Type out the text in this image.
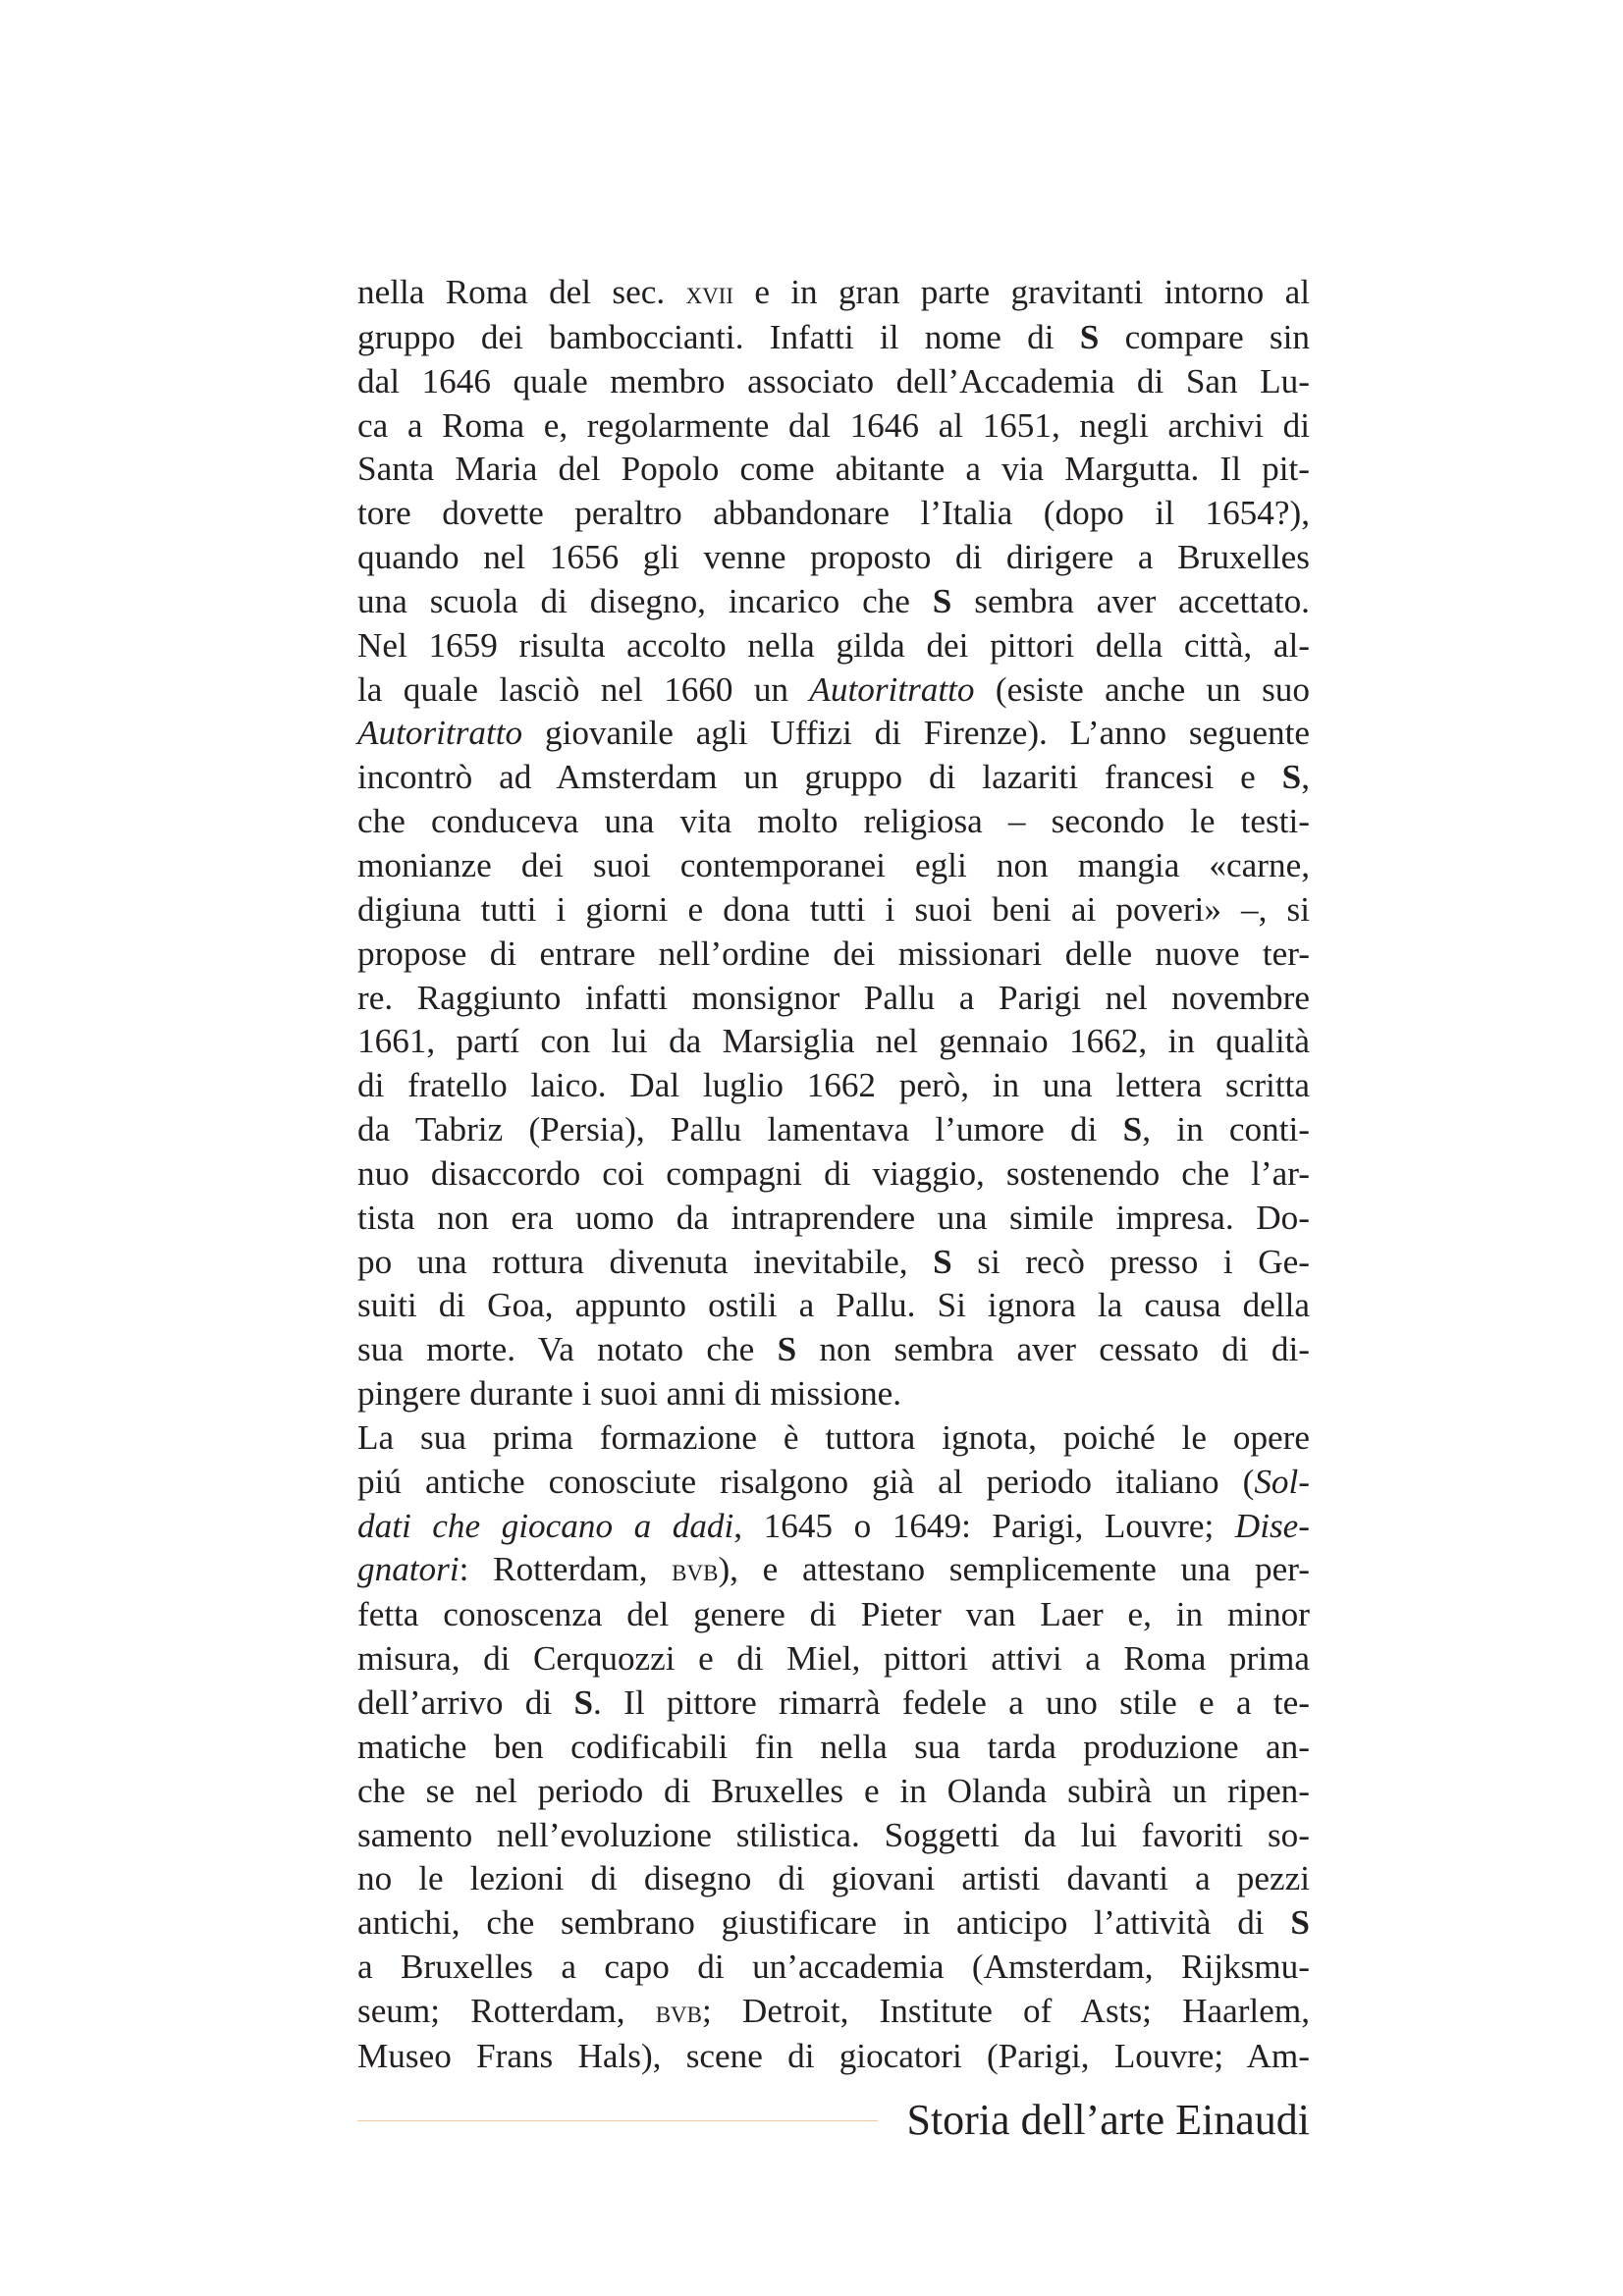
nella Roma del sec. xvii e in gran parte gravitanti intorno al
gruppo dei bamboccianti. Infatti il nome di S compare sin
dal 1646 quale membro associato dell’Accademia di San Lu-
ca a Roma e, regolarmente dal 1646 al 1651, negli archivi di
Santa Maria del Popolo come abitante a via Margutta. Il pit-
tore dovette peraltro abbandonare l’Italia (dopo il 1654?),
quando nel 1656 gli venne proposto di dirigere a Bruxelles
una scuola di disegno, incarico che S sembra aver accettato.
Nel 1659 risulta accolto nella gilda dei pittori della città, al-
la quale lasciò nel 1660 un Autoritratto (esiste anche un suo
Autoritratto giovanile agli Uffizi di Firenze). L’anno seguente
incontrò ad Amsterdam un gruppo di lazariti francesi e S,
che conduceva una vita molto religiosa – secondo le testi-
monianze dei suoi contemporanei egli non mangia «carne,
digiuna tutti i giorni e dona tutti i suoi beni ai poveri» –, si
propose di entrare nell’ordine dei missionari delle nuove ter-
re. Raggiunto infatti monsignor Pallu a Parigi nel novembre
1661, partí con lui da Marsiglia nel gennaio 1662, in qualità
di fratello laico. Dal luglio 1662 però, in una lettera scritta
da Tabriz (Persia), Pallu lamentava l’umore di S, in conti-
nuo disaccordo coi compagni di viaggio, sostenendo che l’ar-
tista non era uomo da intraprendere una simile impresa. Do-
po una rottura divenuta inevitabile, S si recò presso i Ge-
suiti di Goa, appunto ostili a Pallu. Si ignora la causa della
sua morte. Va notato che S non sembra aver cessato di di-
pingere durante i suoi anni di missione.
La sua prima formazione è tuttora ignota, poiché le opere
piú antiche conosciute risalgono già al periodo italiano (Sol-
dati che giocano a dadi, 1645 o 1649: Parigi, Louvre; Dise-
gnatori: Rotterdam, bvb), e attestano semplicemente una per-
fetta conoscenza del genere di Pieter van Laer e, in minor
misura, di Cerquozzi e di Miel, pittori attivi a Roma prima
dell’arrivo di S. Il pittore rimarrà fedele a uno stile e a te-
matiche ben codificabili fin nella sua tarda produzione an-
che se nel periodo di Bruxelles e in Olanda subirà un ripen-
samento nell’evoluzione stilistica. Soggetti da lui favoriti so-
no le lezioni di disegno di giovani artisti davanti a pezzi
antichi, che sembrano giustificare in anticipo l’attività di S
a Bruxelles a capo di un’accademia (Amsterdam, Rijksmu-
seum; Rotterdam, bvb; Detroit, Institute of Asts; Haarlem,
Museo Frans Hals), scene di giocatori (Parigi, Louvre; Am-
Storia dell’arte Einaudi
